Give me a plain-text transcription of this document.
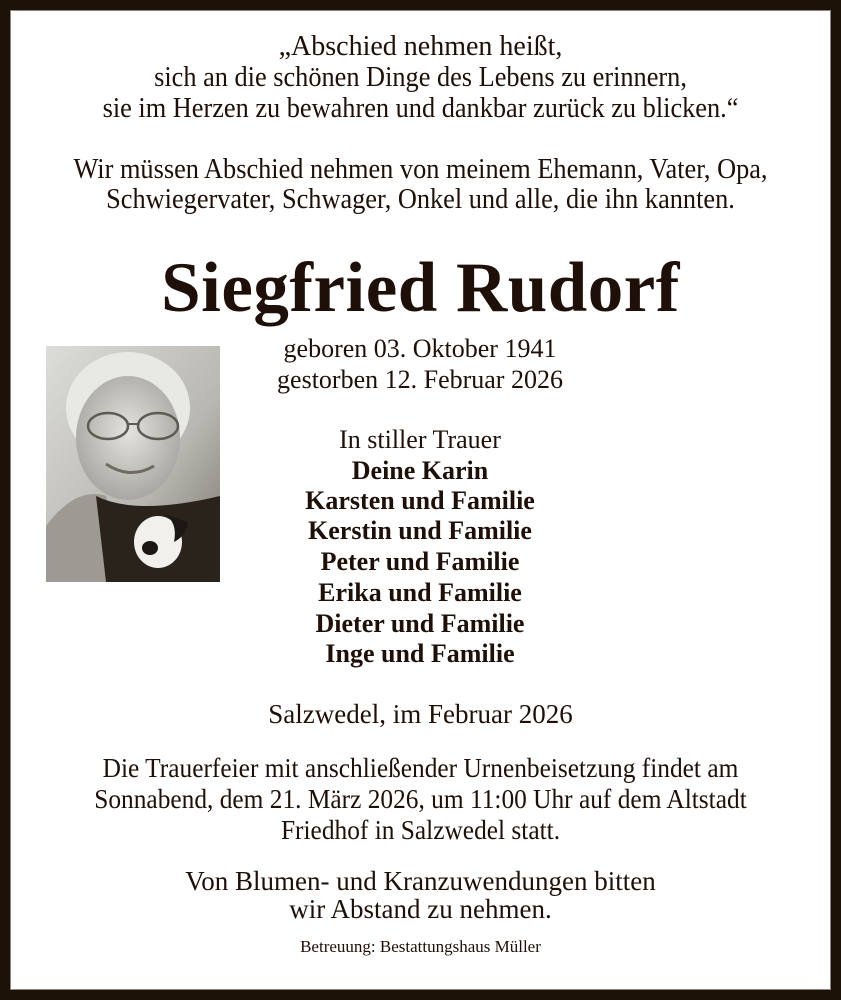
„Abschied nehmen heißt,
sich an die schönen Dinge des Lebens zu erinnern,
sie im Herzen zu bewahren und dankbar zurück zu blicken.“
Wir müssen Abschied nehmen von meinem Ehemann, Vater, Opa,
Schwiegervater, Schwager, Onkel und alle, die ihn kannten.
Siegfried Rudorf
geboren 03. Oktober 1941
gestorben 12. Februar 2026
In stiller Trauer
Deine Karin
Karsten und Familie
Kerstin und Familie
Peter und Familie
Erika und Familie
Dieter und Familie
Inge und Familie
Salzwedel, im Februar 2026
Die Trauerfeier mit anschließender Urnenbeisetzung findet am
Sonnabend, dem 21. März 2026, um 11:00 Uhr auf dem Altstadt
Friedhof in Salzwedel statt.
Von Blumen- und Kranzuwendungen bitten
wir Abstand zu nehmen.
Betreuung: Bestattungshaus Müller
